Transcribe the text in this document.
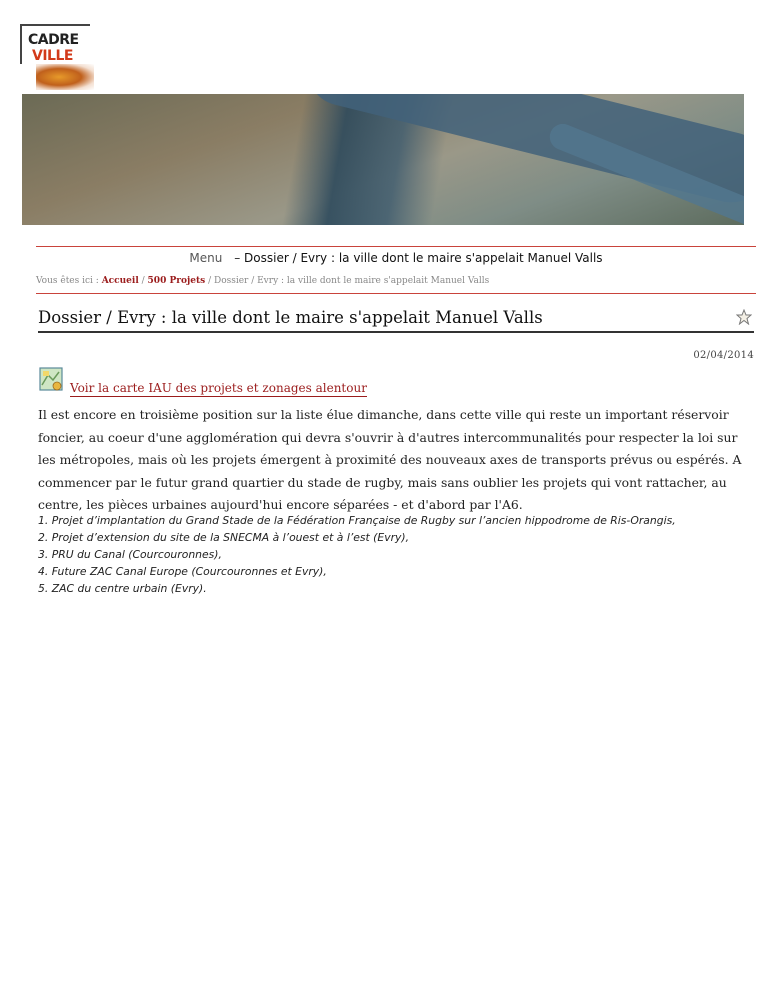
CADRE
VILLE
Menu – Dossier / Evry : la ville dont le maire s'appelait Manuel Valls
Vous êtes ici : Accueil / 500 Projets / Dossier / Evry : la ville dont le maire s'appelait Manuel Valls
Dossier / Evry : la ville dont le maire s'appelait Manuel Valls
02/04/2014
Voir la carte IAU des projets et zonages alentour
Il est encore en troisième position sur la liste élue dimanche, dans cette ville qui reste un important réservoir foncier, au coeur d'une agglomération qui devra s'ouvrir à d'autres intercommunalités pour respecter la loi sur les métropoles, mais où les projets émergent à proximité des nouveaux axes de transports prévus ou espérés. A commencer par le futur grand quartier du stade de rugby, mais sans oublier les projets qui vont rattacher, au centre, les pièces urbaines aujourd'hui encore séparées - et d'abord par l'A6.
1. Projet d’implantation du Grand Stade de la Fédération Française de Rugby sur l’ancien hippodrome de Ris-Orangis,
2. Projet d’extension du site de la SNECMA à l’ouest et à l’est (Evry),
3. PRU du Canal (Courcouronnes),
4. Future ZAC Canal Europe (Courcouronnes et Evry),
5. ZAC du centre urbain (Evry).
